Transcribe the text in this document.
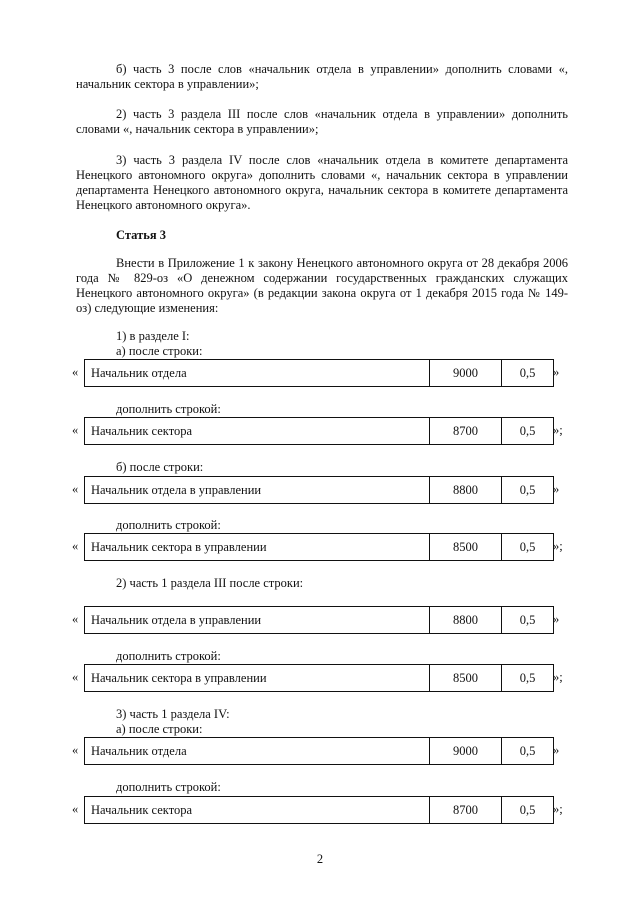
б) часть 3 после слов «начальник отдела в управлении» дополнить словами «, начальник сектора в управлении»;

2) часть 3 раздела III после слов «начальник отдела в управлении» дополнить словами «, начальник сектора в управлении»;

3) часть 3 раздела IV после слов «начальник отдела в комитете департамента Ненецкого автономного округа» дополнить словами «, начальник сектора в управлении департамента Ненецкого автономного округа, начальник сектора в комитете департамента Ненецкого автономного округа».

Статья 3

Внести в Приложение 1 к закону Ненецкого автономного округа от 28 декабря 2006 года № 829-оз «О денежном содержании государственных гражданских служащих Ненецкого автономного округа» (в редакции закона округа от 1 декабря 2015 года № 149-оз) следующие изменения:

1) в разделе I:
а) после строки:
«	Начальник отдела	9000	0,5	»
дополнить строкой:
«	Начальник сектора	8700	0,5	»;
б) после строки:
«	Начальник отдела в управлении	8800	0,5	»
дополнить строкой:
«	Начальник сектора в управлении	8500	0,5	»;
2) часть 1 раздела III после строки:
«	Начальник отдела в управлении	8800	0,5	»
дополнить строкой:
«	Начальник сектора в управлении	8500	0,5	»;
3) часть 1 раздела IV:
а) после строки:
«	Начальник отдела	9000	0,5	»
дополнить строкой:
«	Начальник сектора	8700	0,5	»;
2
